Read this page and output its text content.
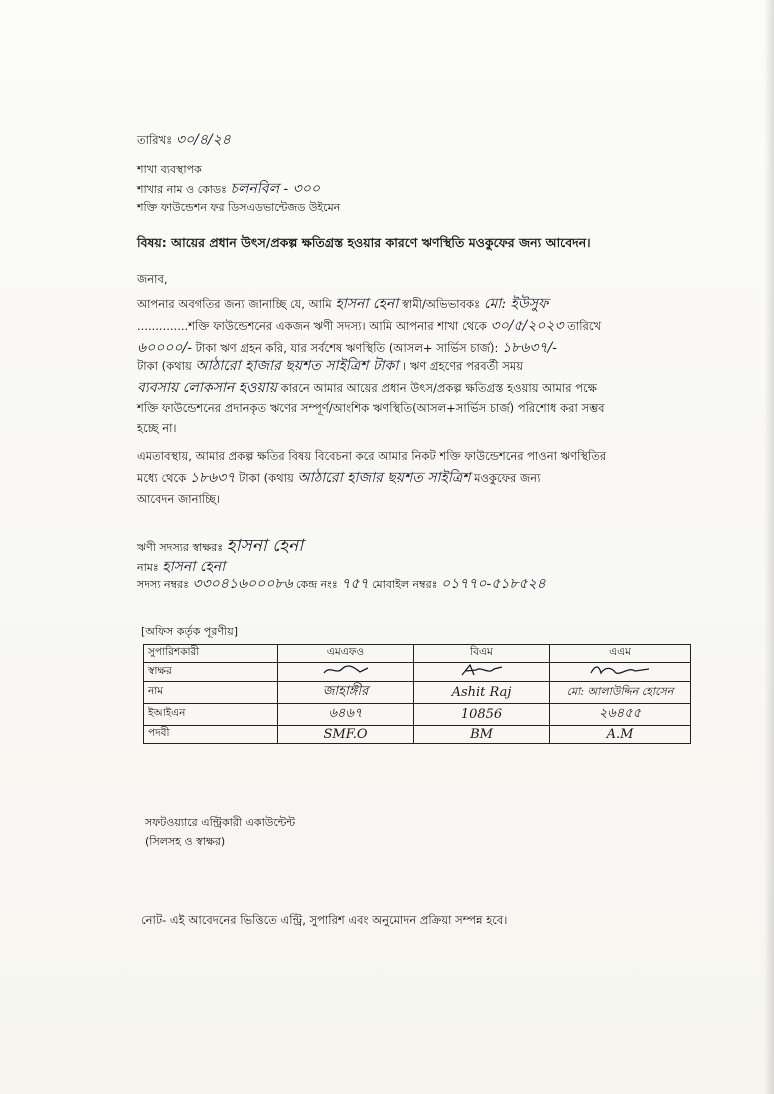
তারিখঃ ৩০/৪/২৪
শাখা ব্যবস্থাপক
শাখার নাম ও কোডঃ চলনবিল - ৩০০
শক্তি ফাউন্ডেশন ফর ডিসএডভান্টেজড উইমেন
বিষয়: আয়ের প্রধান উৎস/প্রকল্প ক্ষতিগ্রস্ত হওয়ার কারণে ঋণস্থিতি মওকুফের জন্য আবেদন।
জনাব,
আপনার অবগতির জন্য জানাচ্ছি যে, আমি হাসনা হেনা স্বামী/অভিভাবকঃ মো: ইউসুফ
..............শক্তি ফাউন্ডেশনের একজন ঋণী সদস্য। আমি আপনার শাখা থেকে ৩০/৫/২০২৩ তারিখে
৬০০০০/- টাকা ঋণ গ্রহন করি, যার সর্বশেষ ঋণস্থিতি (আসল+ সার্ভিস চার্জ): ১৮৬৩৭/-
টাকা (কথায় আঠারো হাজার ছয়শত সাইত্রিশ টাকা । ঋণ গ্রহণের পরবর্তী সময়
ব্যবসায় লোকসান হওয়ায় কারনে আমার আয়ের প্রধান উৎস/প্রকল্প ক্ষতিগ্রস্ত হওয়ায় আমার পক্ষে
শক্তি ফাউন্ডেশনের প্রদানকৃত ঋণের সম্পূর্ণ/আংশিক ঋণস্থিতি(আসল+সার্ভিস চার্জ) পরিশোধ করা সম্ভব
হচ্ছে না।
এমতাবস্থায়, আমার প্রকল্প ক্ষতির বিষয় বিবেচনা করে আমার নিকট শক্তি ফাউন্ডেশনের পাওনা ঋণস্থিতির
মধ্যে থেকে ১৮৬৩৭ টাকা (কথায় আঠারো হাজার ছয়শত সাইত্রিশ মওকুফের জন্য
আবেদন জানাচ্ছি।
ঋণী সদস্যর স্বাক্ষরঃ হাসনা হেনা
নামঃ হাসনা হেনা
সদস্য নম্বরঃ ৩৩০৪১৬০০০৮৬ কেন্দ্র নংঃ ৭৫৭ মোবাইল নম্বরঃ ০১৭৭০-৫১৮৫২৪
[অফিস কর্তৃক পূরণীয়]
সুপারিশকারী	এমএফও	বিএম	এএম
স্বাক্ষর			
নাম	জাহাঙ্গীর	Ashit Raj	মো: আলাউদ্দিন হোসেন
ইআইএন	৬৪৬৭	10856	২৬৪৫৫
পদবী	SMF.O	BM	A.M
সফটওয়্যারে এন্ট্রিকারী একাউন্টেন্ট
(সিলসহ ও স্বাক্ষর)
নোট- এই আবেদনের ভিত্তিতে এন্ট্রি, সুপারিশ এবং অনুমোদন প্রক্রিয়া সম্পন্ন হবে।
